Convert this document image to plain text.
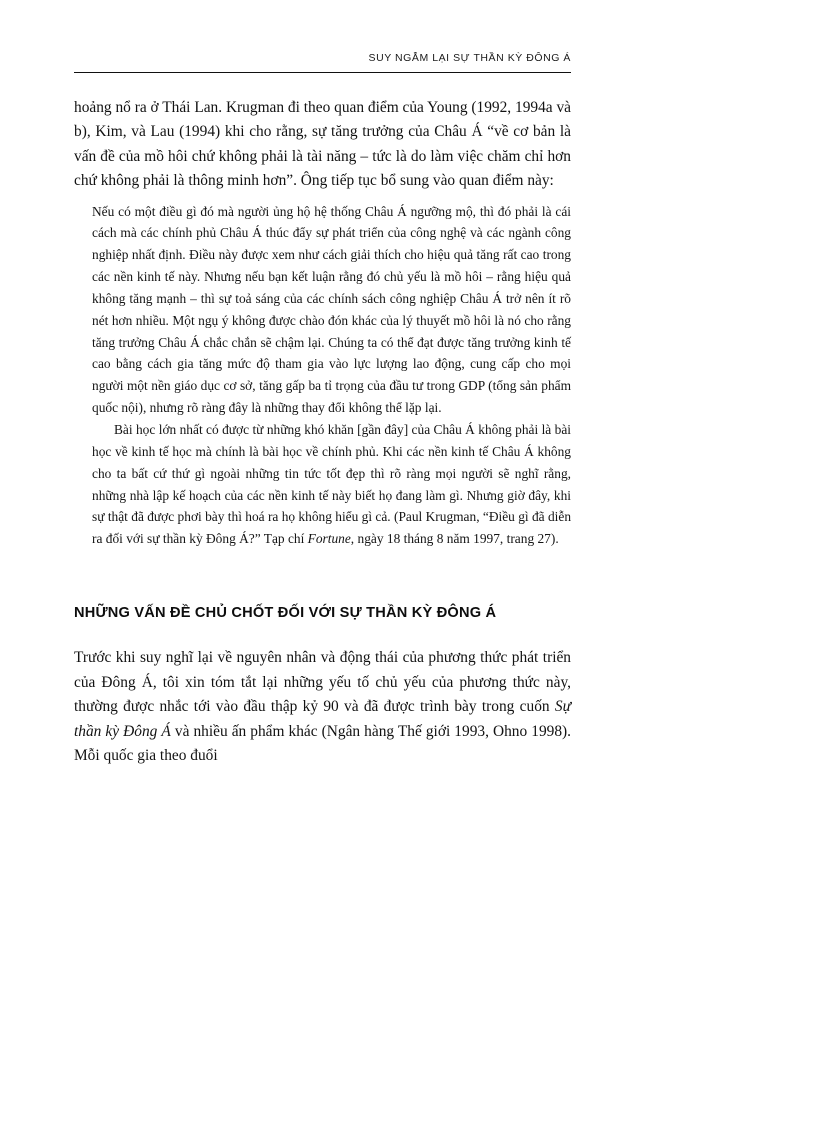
SUY NGẪM LẠI SỰ THẦN KỲ ĐÔNG Á

hoảng nổ ra ở Thái Lan. Krugman đi theo quan điểm của Young (1992, 1994a và b), Kim, và Lau (1994) khi cho rằng, sự tăng trưởng của Châu Á “về cơ bản là vấn đề của mồ hôi chứ không phải là tài năng – tức là do làm việc chăm chỉ hơn chứ không phải là thông minh hơn”. Ông tiếp tục bổ sung vào quan điểm này:

Nếu có một điều gì đó mà người ủng hộ hệ thống Châu Á ngưỡng mộ, thì đó phải là cái cách mà các chính phủ Châu Á thúc đẩy sự phát triển của công nghệ và các ngành công nghiệp nhất định. Điều này được xem như cách giải thích cho hiệu quả tăng rất cao trong các nền kinh tế này. Nhưng nếu bạn kết luận rằng đó chủ yếu là mồ hôi – rằng hiệu quả không tăng mạnh – thì sự toả sáng của các chính sách công nghiệp Châu Á trở nên ít rõ nét hơn nhiều. Một ngụ ý không được chào đón khác của lý thuyết mồ hôi là nó cho rằng tăng trưởng Châu Á chắc chắn sẽ chậm lại. Chúng ta có thể đạt được tăng trưởng kinh tế cao bằng cách gia tăng mức độ tham gia vào lực lượng lao động, cung cấp cho mọi người một nền giáo dục cơ sở, tăng gấp ba tỉ trọng của đầu tư trong GDP (tổng sản phẩm quốc nội), nhưng rõ ràng đây là những thay đổi không thể lặp lại.

Bài học lớn nhất có được từ những khó khăn [gần đây] của Châu Á không phải là bài học về kinh tế học mà chính là bài học về chính phủ. Khi các nền kinh tế Châu Á không cho ta bất cứ thứ gì ngoài những tin tức tốt đẹp thì rõ ràng mọi người sẽ nghĩ rằng, những nhà lập kế hoạch của các nền kinh tế này biết họ đang làm gì. Nhưng giờ đây, khi sự thật đã được phơi bày thì hoá ra họ không hiểu gì cả. (Paul Krugman, “Điều gì đã diễn ra đối với sự thần kỳ Đông Á?” Tạp chí Fortune, ngày 18 tháng 8 năm 1997, trang 27).

NHỮNG VẤN ĐỀ CHỦ CHỐT ĐỐI VỚI SỰ THẦN KỲ ĐÔNG Á

Trước khi suy nghĩ lại về nguyên nhân và động thái của phương thức phát triển của Đông Á, tôi xin tóm tắt lại những yếu tố chủ yếu của phương thức này, thường được nhắc tới vào đầu thập kỷ 90 và đã được trình bày trong cuốn Sự thần kỳ Đông Á và nhiều ấn phẩm khác (Ngân hàng Thế giới 1993, Ohno 1998). Mỗi quốc gia theo đuổi
